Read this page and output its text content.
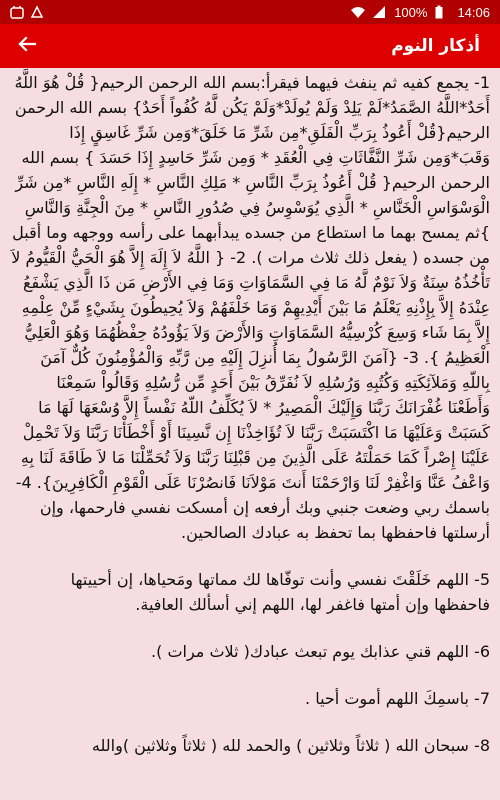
100% 14:06
أذكار النوم

1- يجمع كفيه ثم ينفث فيهما فيقرأ:بسم الله الرحمن الرحيم{ قُلْ هُوَ اللَّهُ أَحَدٌ*اللَّهُ الصَّمَدُ*لَمْ يَلِدْ وَلَمْ يُولَدْ*وَلَمْ يَكُن لَّهُ كُفُواً أَحَدٌ} بسم الله الرحمن الرحيم{قُلْ أَعُوذُ بِرَبِّ الْفَلَقِ*مِن شَرِّ مَا خَلَقَ*وَمِن شَرِّ غَاسِقٍ إِذَا وَقَبَ*وَمِن شَرِّ النَّفَّاثَاتِ فِي الْعُقَدِ * وَمِن شَرِّ حَاسِدٍ إِذَا حَسَدَ } بسم الله الرحمن الرحيم{ قُلْ أَعُوذُ بِرَبِّ النَّاسِ * مَلِكِ النَّاسِ * إِلَهِ النَّاسِ *مِن شَرِّ الْوَسْوَاسِ الْخَنَّاسِ * الَّذِي يُوَسْوِسُ فِي صُدُورِ النَّاسِ * مِنَ الْجِنَّةِ وَالنَّاسِ }ثم يمسح بهما ما استطاع من جسده يبدأبهما على رأسه ووجهه وما أقبل من جسده ( يفعل ذلك ثلاث مرات ). 2- { اللَّهُ لاَ إِلَهَ إِلاَّ هُوَ الْحَيُّ الْقَيُّومُ لاَ تَأْخُذُهُ سِنَةٌ وَلاَ نَوْمٌ لَّهُ مَا فِي السَّمَاوَاتِ وَمَا فِي الأَرْضِ مَن ذَا الَّذِي يَشْفَعُ عِنْدَهُ إِلاَّ بِإِذْنِهِ يَعْلَمُ مَا بَيْنَ أَيْدِيهِمْ وَمَا خَلْفَهُمْ وَلاَ يُحِيطُونَ بِشَيْءٍ مِّنْ عِلْمِهِ إِلاَّ بِمَا شَاء وَسِعَ كُرْسِيُّهُ السَّمَاوَاتِ وَالأَرْضَ وَلاَ يَؤُودُهُ حِفْظُهُمَا وَهُوَ الْعَلِيُّ الْعَظِيمُ }. 3- {آمَنَ الرَّسُولُ بِمَا أُنزِلَ إِلَيْهِ مِن رَّبِّهِ وَالْمُؤْمِنُونَ كُلٌّ آمَنَ بِاللّهِ وَمَلآئِكَتِهِ وَكُتُبِهِ وَرُسُلِهِ لاَ نُفَرِّقُ بَيْنَ أَحَدٍ مِّن رُّسُلِهِ وَقَالُواْ سَمِعْنَا وَأَطَعْنَا غُفْرَانَكَ رَبَّنَا وَإِلَيْكَ الْمَصِيرُ * لاَ يُكَلِّفُ اللّهُ نَفْساً إِلاَّ وُسْعَهَا لَهَا مَا كَسَبَتْ وَعَلَيْهَا مَا اكْتَسَبَتْ رَبَّنَا لاَ تُؤَاخِذْنَا إِن نَّسِينَا أَوْ أَخْطَأْنَا رَبَّنَا وَلاَ تَحْمِلْ عَلَيْنَا إِصْراً كَمَا حَمَلْتَهُ عَلَى الَّذِينَ مِن قَبْلِنَا رَبَّنَا وَلاَ تُحَمِّلْنَا مَا لاَ طَاقَةَ لَنَا بِهِ وَاعْفُ عَنَّا وَاغْفِرْ لَنَا وَارْحَمْنَا أَنتَ مَوْلاَنَا فَانصُرْنَا عَلَى الْقَوْمِ الْكَافِرِينَ}. 4- باسمك ربي وضعت جنبي وبك أرفعه إن أمسكت نفسي فارحمها، وإن أرسلتها فاحفظها بما تحفظ به عبادك الصالحين.

5- اللهم خَلَقْتَ نفسي وأنت توفّاها لك مماتها ومَحياها، إن أحييتها فاحفظها وإن أمتها فاغفر لها، اللهم إني أسألك العافية.

6- اللهم قني عذابك يوم تبعث عبادك( ثلاث مرات ).

7- باسمِكَ اللهم أموت أحيا .

8- سبحان الله ( ثلاثاً وثلاثين ) والحمد لله ( ثلاثاً وثلاثين )والله
